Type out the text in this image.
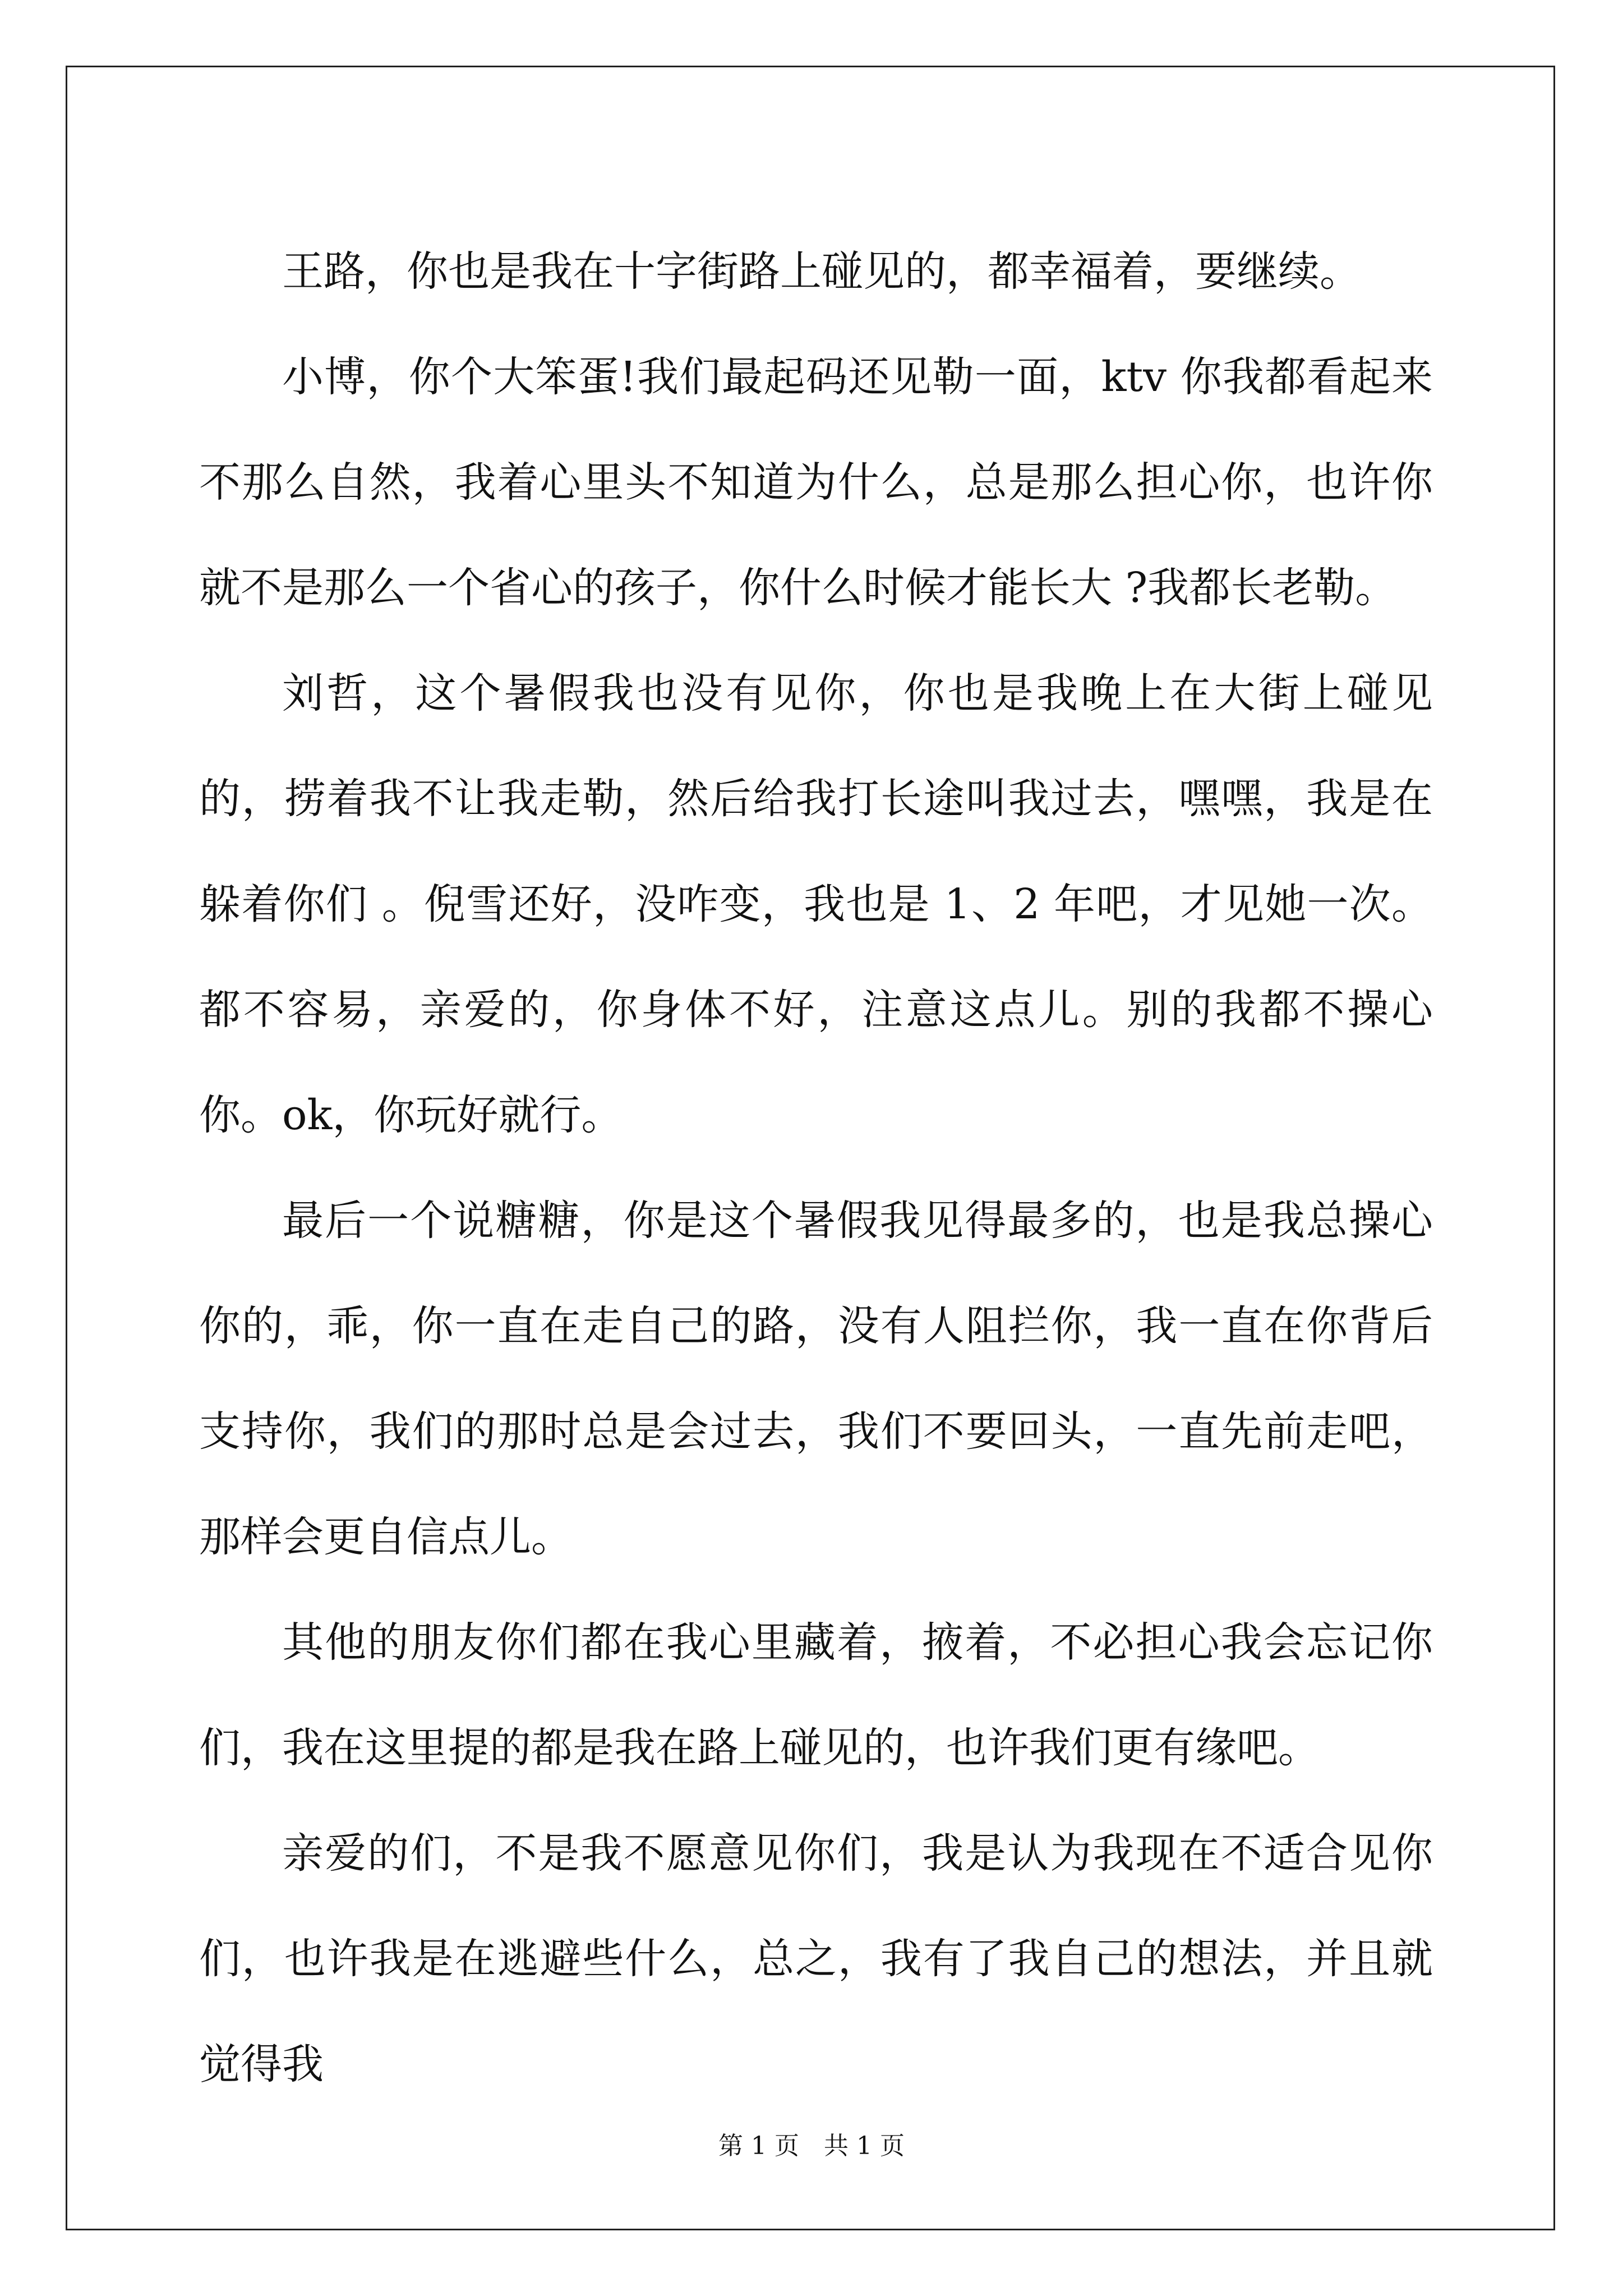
王路，你也是我在十字街路上碰见的，都幸福着，要继续。

小博，你个大笨蛋!我们最起码还见勒一面，ktv 你我都看起来不那么自然，我着心里头不知道为什么，总是那么担心你，也许你就不是那么一个省心的孩子，你什么时候才能长大 ?我都长老勒。

刘哲，这个暑假我也没有见你，你也是我晚上在大街上碰见的，捞着我不让我走勒，然后给我打长途叫我过去，嘿嘿，我是在躲着你们 。倪雪还好，没咋变，我也是 1、2 年吧，才见她一次。都不容易，亲爱的，你身体不好，注意这点儿。别的我都不操心你。ok，你玩好就行。

最后一个说糖糖，你是这个暑假我见得最多的，也是我总操心你的，乖，你一直在走自己的路，没有人阻拦你，我一直在你背后支持你，我们的那时总是会过去，我们不要回头，一直先前走吧，那样会更自信点儿。

其他的朋友你们都在我心里藏着，掖着，不必担心我会忘记你们，我在这里提的都是我在路上碰见的，也许我们更有缘吧。

亲爱的们，不是我不愿意见你们，我是认为我现在不适合见你们，也许我是在逃避些什么，总之，我有了我自己的想法，并且就觉得我

第 1 页　共 1 页
